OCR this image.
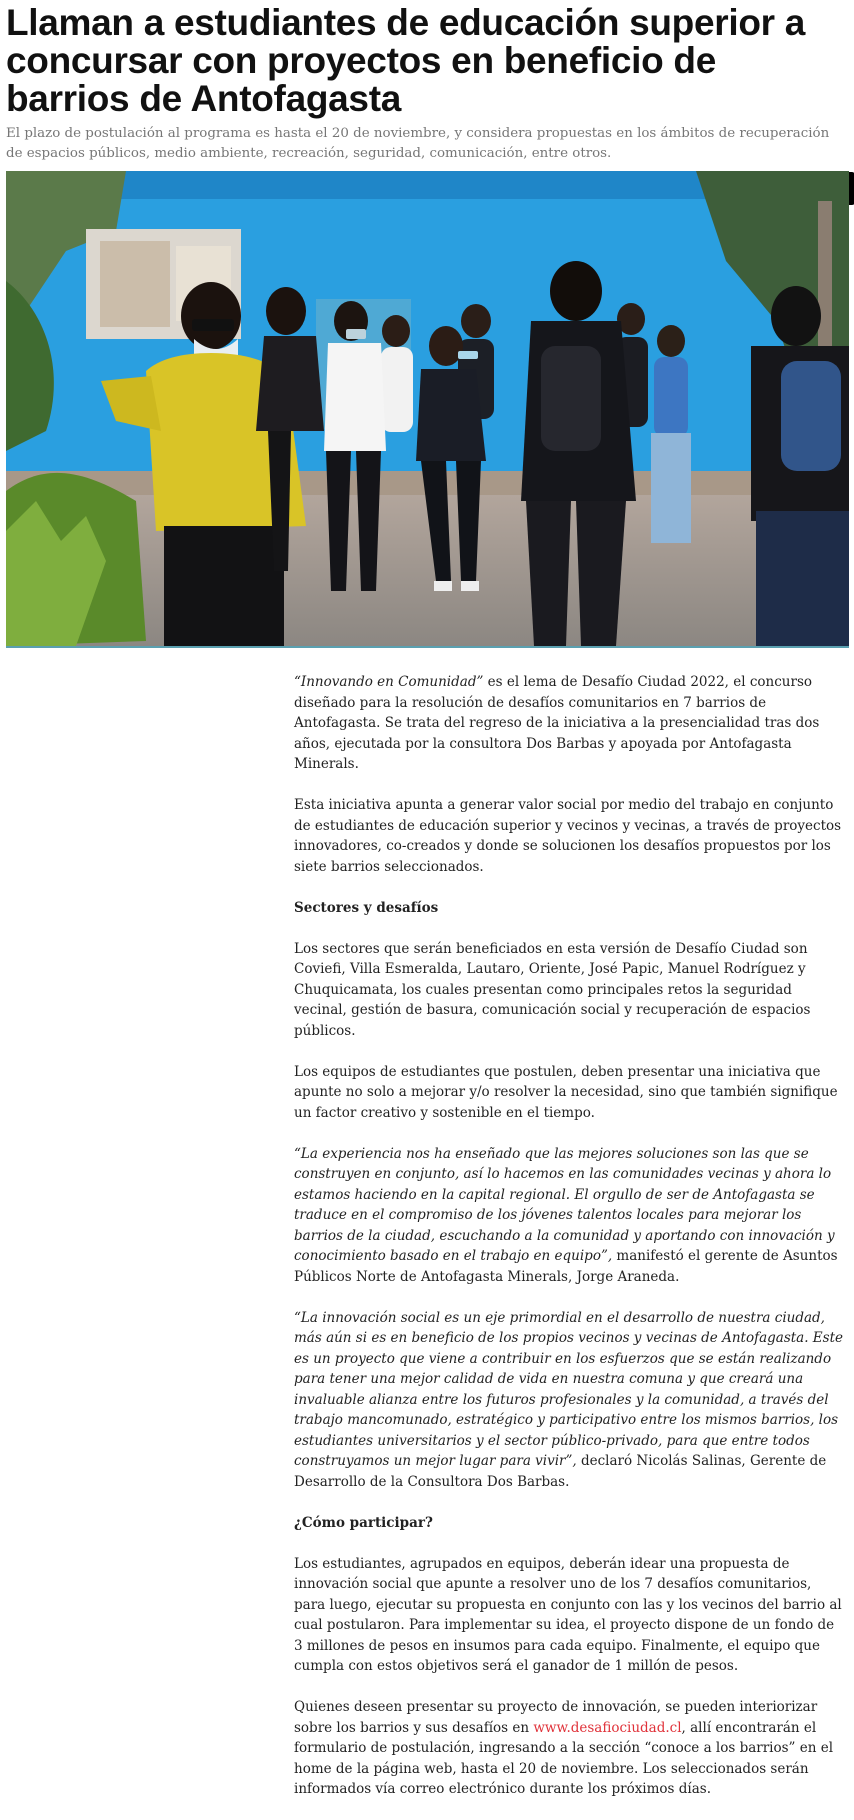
Llaman a estudiantes de educación superior a concursar con proyectos en beneficio de barrios de Antofagasta

El plazo de postulación al programa es hasta el 20 de noviembre, y considera propuestas en los ámbitos de recuperación de espacios públicos, medio ambiente, recreación, seguridad, comunicación, entre otros.

“Innovando en Comunidad” es el lema de Desafío Ciudad 2022, el concurso diseñado para la resolución de desafíos comunitarios en 7 barrios de Antofagasta. Se trata del regreso de la iniciativa a la presencialidad tras dos años, ejecutada por la consultora Dos Barbas y apoyada por Antofagasta Minerals.

Esta iniciativa apunta a generar valor social por medio del trabajo en conjunto de estudiantes de educación superior y vecinos y vecinas, a través de proyectos innovadores, co-creados y donde se solucionen los desafíos propuestos por los siete barrios seleccionados.

Sectores y desafíos

Los sectores que serán beneficiados en esta versión de Desafío Ciudad son Coviefi, Villa Esmeralda, Lautaro, Oriente, José Papic, Manuel Rodríguez y Chuquicamata, los cuales presentan como principales retos la seguridad vecinal, gestión de basura, comunicación social y recuperación de espacios públicos.

Los equipos de estudiantes que postulen, deben presentar una iniciativa que apunte no solo a mejorar y/o resolver la necesidad, sino que también signifique un factor creativo y sostenible en el tiempo.

“La experiencia nos ha enseñado que las mejores soluciones son las que se construyen en conjunto, así lo hacemos en las comunidades vecinas y ahora lo estamos haciendo en la capital regional. El orgullo de ser de Antofagasta se traduce en el compromiso de los jóvenes talentos locales para mejorar los barrios de la ciudad, escuchando a la comunidad y aportando con innovación y conocimiento basado en el trabajo en equipo”, manifestó el gerente de Asuntos Públicos Norte de Antofagasta Minerals, Jorge Araneda.

“La innovación social es un eje primordial en el desarrollo de nuestra ciudad, más aún si es en beneficio de los propios vecinos y vecinas de Antofagasta. Este es un proyecto que viene a contribuir en los esfuerzos que se están realizando para tener una mejor calidad de vida en nuestra comuna y que creará una invaluable alianza entre los futuros profesionales y la comunidad, a través del trabajo mancomunado, estratégico y participativo entre los mismos barrios, los estudiantes universitarios y el sector público-privado, para que entre todos construyamos un mejor lugar para vivir”, declaró Nicolás Salinas, Gerente de Desarrollo de la Consultora Dos Barbas.

¿Cómo participar?

Los estudiantes, agrupados en equipos, deberán idear una propuesta de innovación social que apunte a resolver uno de los 7 desafíos comunitarios, para luego, ejecutar su propuesta en conjunto con las y los vecinos del barrio al cual postularon. Para implementar su idea, el proyecto dispone de un fondo de 3 millones de pesos en insumos para cada equipo. Finalmente, el equipo que cumpla con estos objetivos será el ganador de 1 millón de pesos.

Quienes deseen presentar su proyecto de innovación, se pueden interiorizar sobre los barrios y sus desafíos en www.desafiociudad.cl, allí encontrarán el formulario de postulación, ingresando a la sección “conoce a los barrios” en el home de la página web, hasta el 20 de noviembre. Los seleccionados serán informados vía correo electrónico durante los próximos días.
